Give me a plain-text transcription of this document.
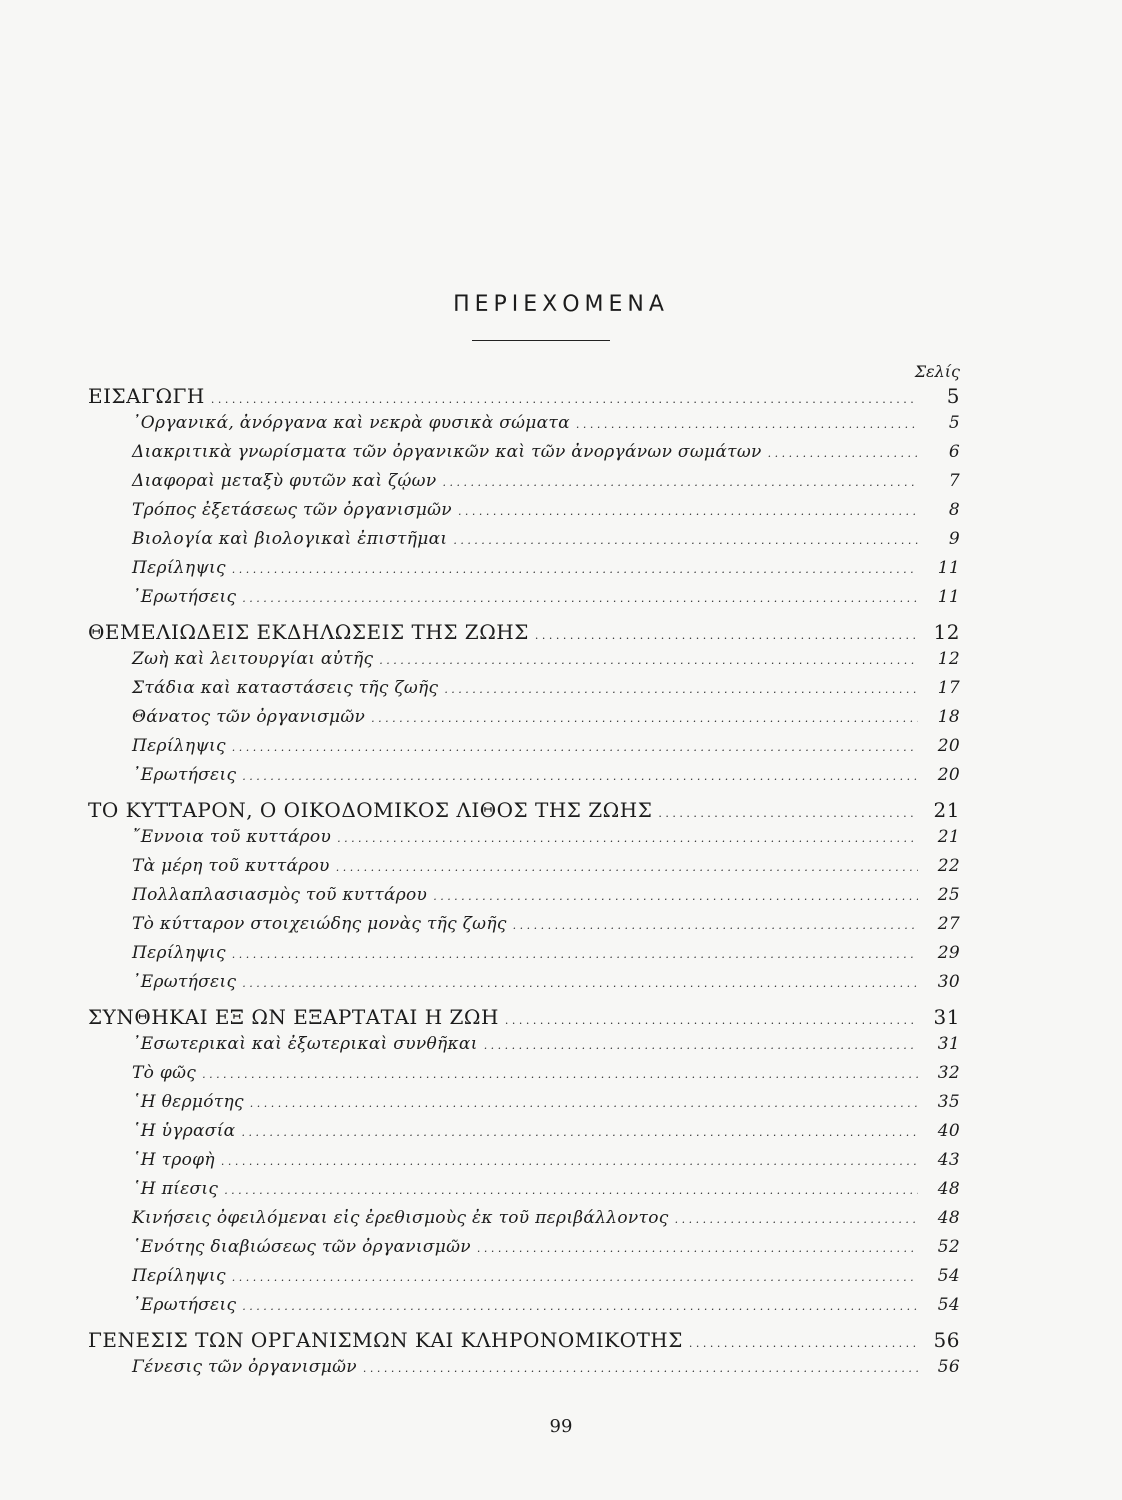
ΠΕΡΙΕΧΟΜΕΝΑ
Σελίς
ΕΙΣΑΓΩΓΗ . . .	5
᾿Οργανικά, ἀνόργανα καὶ νεκρὰ φυσικὰ σώματα . . .	5
Διακριτικὰ γνωρίσματα τῶν ὀργανικῶν καὶ τῶν ἀνοργάνων σωμάτων . . .	6
Διαφοραὶ μεταξὺ φυτῶν καὶ ζῴων . . .	7
Τρόπος ἐξετάσεως τῶν ὀργανισμῶν . . .	8
Βιολογία καὶ βιολογικαὶ ἐπιστῆμαι . . .	9
Περίληψις . . .	11
᾿Ερωτήσεις . . .	11
ΘΕΜΕΛΙΩΔΕΙΣ ΕΚΔΗΛΩΣΕΙΣ ΤΗΣ ΖΩΗΣ . . .	12
Ζωὴ καὶ λειτουργίαι αὐτῆς . . .	12
Στάδια καὶ καταστάσεις τῆς ζωῆς . . .	17
Θάνατος τῶν ὀργανισμῶν . . .	18
Περίληψις . . .	20
᾿Ερωτήσεις . . .	20
ΤΟ ΚΥΤΤΑΡΟΝ, Ο ΟΙΚΟΔΟΜΙΚΟΣ ΛΙΘΟΣ ΤΗΣ ΖΩΗΣ . . .	21
῎Εννοια τοῦ κυττάρου . . .	21
Τὰ μέρη τοῦ κυττάρου . . .	22
Πολλαπλασιασμὸς τοῦ κυττάρου . . .	25
Τὸ κύτταρον στοιχειώδης μονὰς τῆς ζωῆς . . .	27
Περίληψις . . .	29
᾿Ερωτήσεις . . .	30
ΣΥΝΘΗΚΑΙ ΕΞ ΩΝ ΕΞΑΡΤΑΤΑΙ Η ΖΩΗ . . .	31
᾿Εσωτερικαὶ καὶ ἐξωτερικαὶ συνθῆκαι . . .	31
Τὸ φῶς . . .	32
῾Η θερμότης . . .	35
῾Η ὑγρασία . . .	40
῾Η τροφὴ . . .	43
῾Η πίεσις . . .	48
Κινήσεις ὀφειλόμεναι εἰς ἐρεθισμοὺς ἐκ τοῦ περιβάλλοντος . . .	48
῾Ενότης διαβιώσεως τῶν ὀργανισμῶν . . .	52
Περίληψις . . .	54
᾿Ερωτήσεις . . .	54
ΓΕΝΕΣΙΣ ΤΩΝ ΟΡΓΑΝΙΣΜΩΝ ΚΑΙ ΚΛΗΡΟΝΟΜΙΚΟΤΗΣ . . .	56
Γένεσις τῶν ὀργανισμῶν . . .	56
99
